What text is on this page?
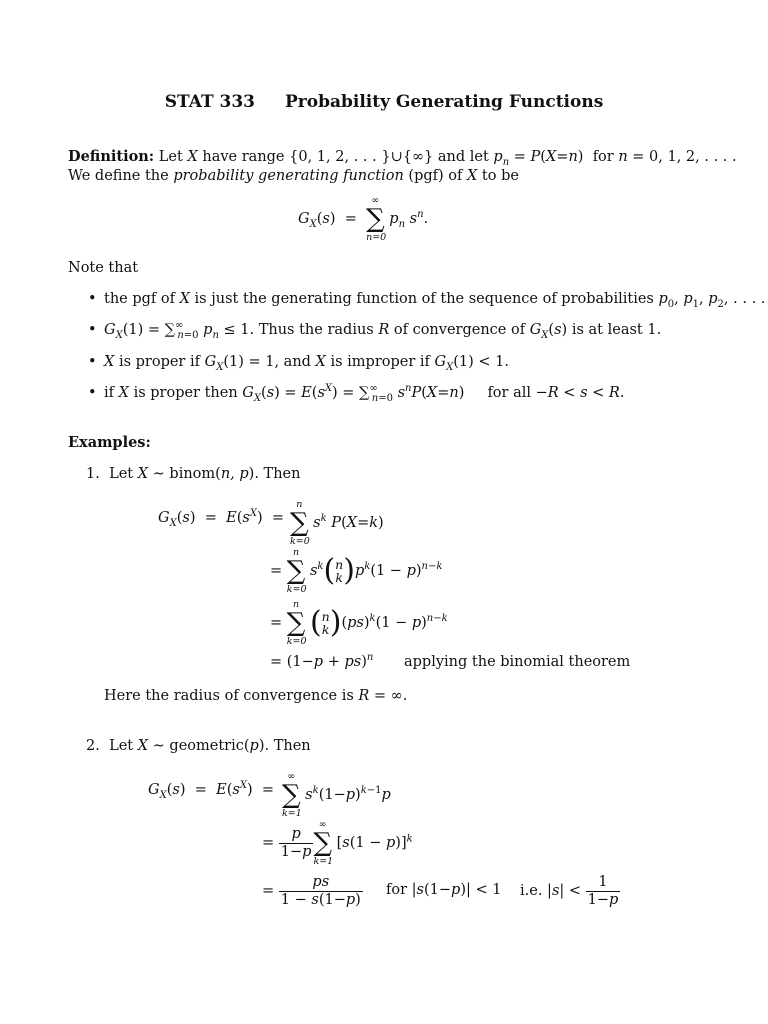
STAT 333 Probability Generating Functions
Definition: Let X have range {0, 1, 2, . . . }∪{∞} and let $p_n = P(X=n)$  for n = 0, 1, 2, . . . .
We define the probability generating function (pgf) of X to be
$G_X(s)$  =  ∑
∞
n=0
$p_n$ $s^n$.
Note that
• the pgf of X is just the generating function of the sequence of probabilities $p_0$, $p_1$, $p_2$, . . . .
• $G_X(1) = \sum^\infty_{n=0}$ $p_n \le 1$. Thus the radius R of convergence of $G_X(s)$ is at least 1.
• X is proper if $G_X(1) = 1$, and X is improper if $G_X(1) < 1$.
• if X is proper then $G_X(s) = E(s^X) = \sum^\infty_{n=0}$ $s^nP(X=n)$     for all −R < s < R.
Examples:
1. Let X ∼ binom(n, p). Then
$G_X(s) = E(s^X)$  = ∑
n
k=0
$s^k$ P(X=k)
= ∑
n
k=0
$s^k$( n
k )$p^k(1 - p)^{n-k}$
= ∑
n
k=0
( n
k )$(ps)^k(1 - p)^{n-k}$
= (1−p + ps)$^n$ applying the binomial theorem
Here the radius of convergence is R = ∞.
2. Let X ∼ geometric(p). Then
$G_X(s) = E(s^X)$  = ∑
∞
k=1
$s^k(1-p)^{k-1}p$
= $\frac{p}{1-p}$ ∑
∞
k=1
$[s(1 - p)]^k$
= $\frac{ps}{1 - s(1-p)}$ for |s(1−p)| < 1 i.e. $|s| < \frac{1}{1-p}$
